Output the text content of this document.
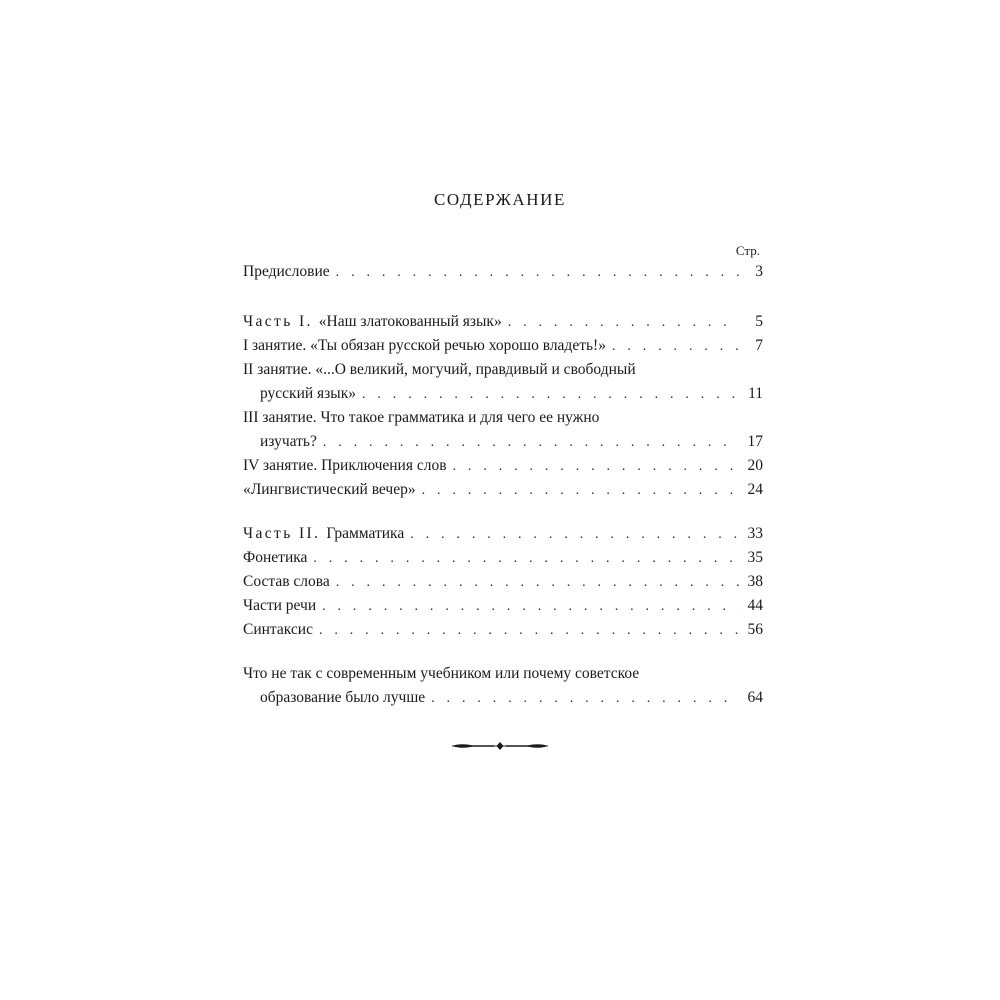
СОДЕРЖАНИЕ
Стр.
Предисловие . . .	3
Часть I. «Наш златокованный язык» . . .	5
I занятие. «Ты обязан русской речью хорошо владеть!» . . .	7
II занятие. «...О великий, могучий, правдивый и свободный
русский язык» . . .	11
III занятие. Что такое грамматика и для чего ее нужно
изучать? . . .	17
IV занятие. Приключения слов . . .	20
«Лингвистический вечер» . . .	24
Часть II. Грамматика . . .	33
Фонетика . . .	35
Состав слова . . .	38
Части речи . . .	44
Синтаксис . . .	56
Что не так с современным учебником или почему советское
образование было лучше . . .	64
